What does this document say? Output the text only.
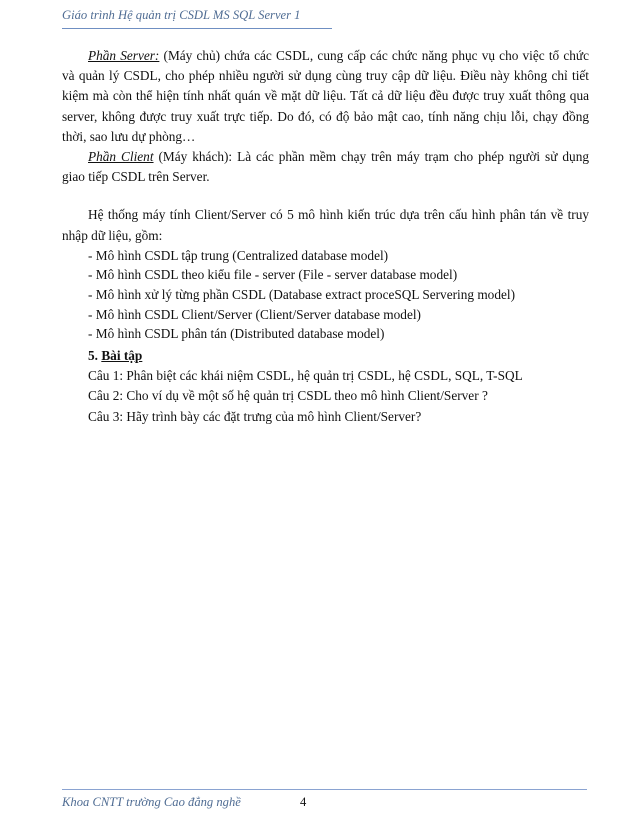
Giáo trình Hệ quản trị CSDL MS SQL Server 1

Phần Server: (Máy chủ) chứa các CSDL, cung cấp các chức năng phục vụ cho việc tổ chức và quản lý CSDL, cho phép nhiều người sử dụng cùng truy cập dữ liệu. Điều này không chỉ tiết kiệm mà còn thể hiện tính nhất quán về mặt dữ liệu. Tất cả dữ liệu đều được truy xuất thông qua server, không được truy xuất trực tiếp. Do đó, có độ bảo mật cao, tính năng chịu lỗi, chạy đồng thời, sao lưu dự phòng…

Phần Client (Máy khách): Là các phần mềm chạy trên máy trạm cho phép người sử dụng giao tiếp CSDL trên Server.

Hệ thống máy tính Client/Server có 5 mô hình kiến trúc dựa trên cấu hình phân tán về truy nhập dữ liệu, gồm:

- Mô hình CSDL tập trung (Centralized database model)

- Mô hình CSDL theo kiểu file - server (File - server database model)

- Mô hình xử lý từng phần CSDL (Database extract proceSQL Servering model)

- Mô hình CSDL Client/Server (Client/Server database model)

- Mô hình CSDL phân tán (Distributed database model)

5. Bài tập

Câu 1: Phân biệt các khái niệm CSDL, hệ quản trị CSDL, hệ CSDL, SQL, T-SQL

Câu 2: Cho ví dụ về một số hệ quản trị CSDL theo mô hình Client/Server ?

Câu 3: Hãy trình bày các đặt trưng của mô hình Client/Server?

Khoa CNTT trường Cao đẳng nghề	4
